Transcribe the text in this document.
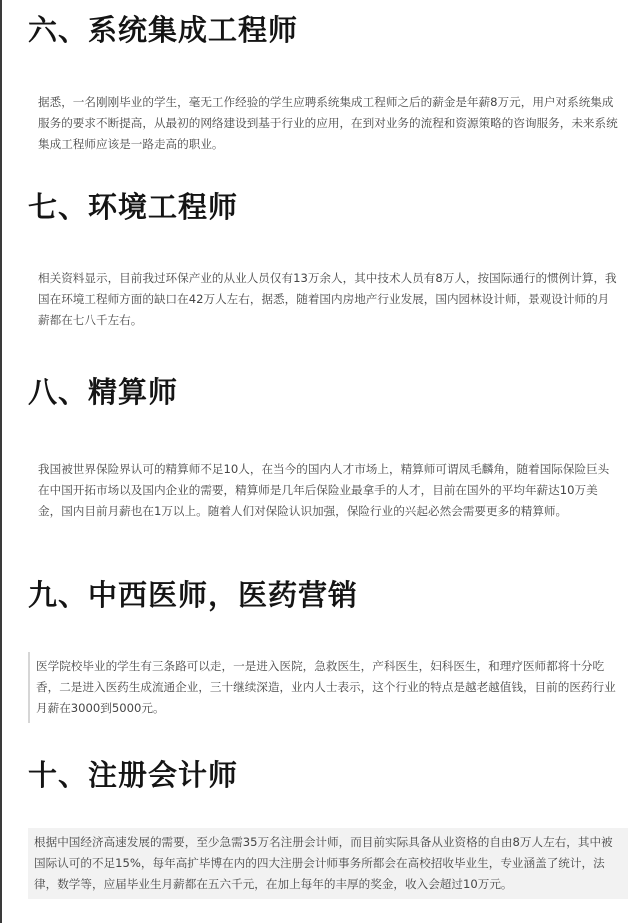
六、系统集成工程师

据悉，一名刚刚毕业的学生，毫无工作经验的学生应聘系统集成工程师之后的薪金是年薪8万元，用户对系统集成服务的要求不断提高，从最初的网络建设到基于行业的应用，在到对业务的流程和资源策略的咨询服务，未来系统集成工程师应该是一路走高的职业。

七、环境工程师

相关资料显示，目前我过环保产业的从业人员仅有13万余人，其中技术人员有8万人，按国际通行的惯例计算，我国在环境工程师方面的缺口在42万人左右，据悉，随着国内房地产行业发展，国内园林设计师，景观设计师的月薪都在七八千左右。

八、精算师

我国被世界保险界认可的精算师不足10人，在当今的国内人才市场上，精算师可谓凤毛麟角，随着国际保险巨头在中国开拓市场以及国内企业的需要，精算师是几年后保险业最拿手的人才，目前在国外的平均年薪达10万美金，国内目前月薪也在1万以上。随着人们对保险认识加强，保险行业的兴起必然会需要更多的精算师。

九、中西医师，医药营销

医学院校毕业的学生有三条路可以走，一是进入医院，急救医生，产科医生，妇科医生，和理疗医师都将十分吃香，二是进入医药生成流通企业，三十继续深造，业内人士表示，这个行业的特点是越老越值钱，目前的医药行业月薪在3000到5000元。

十、注册会计师

根据中国经济高速发展的需要，至少急需35万名注册会计师，而目前实际具备从业资格的自由8万人左右，其中被国际认可的不足15%，每年高扩毕博在内的四大注册会计师事务所都会在高校招收毕业生，专业涵盖了统计，法律，数学等，应届毕业生月薪都在五六千元，在加上每年的丰厚的奖金，收入会超过10万元。
